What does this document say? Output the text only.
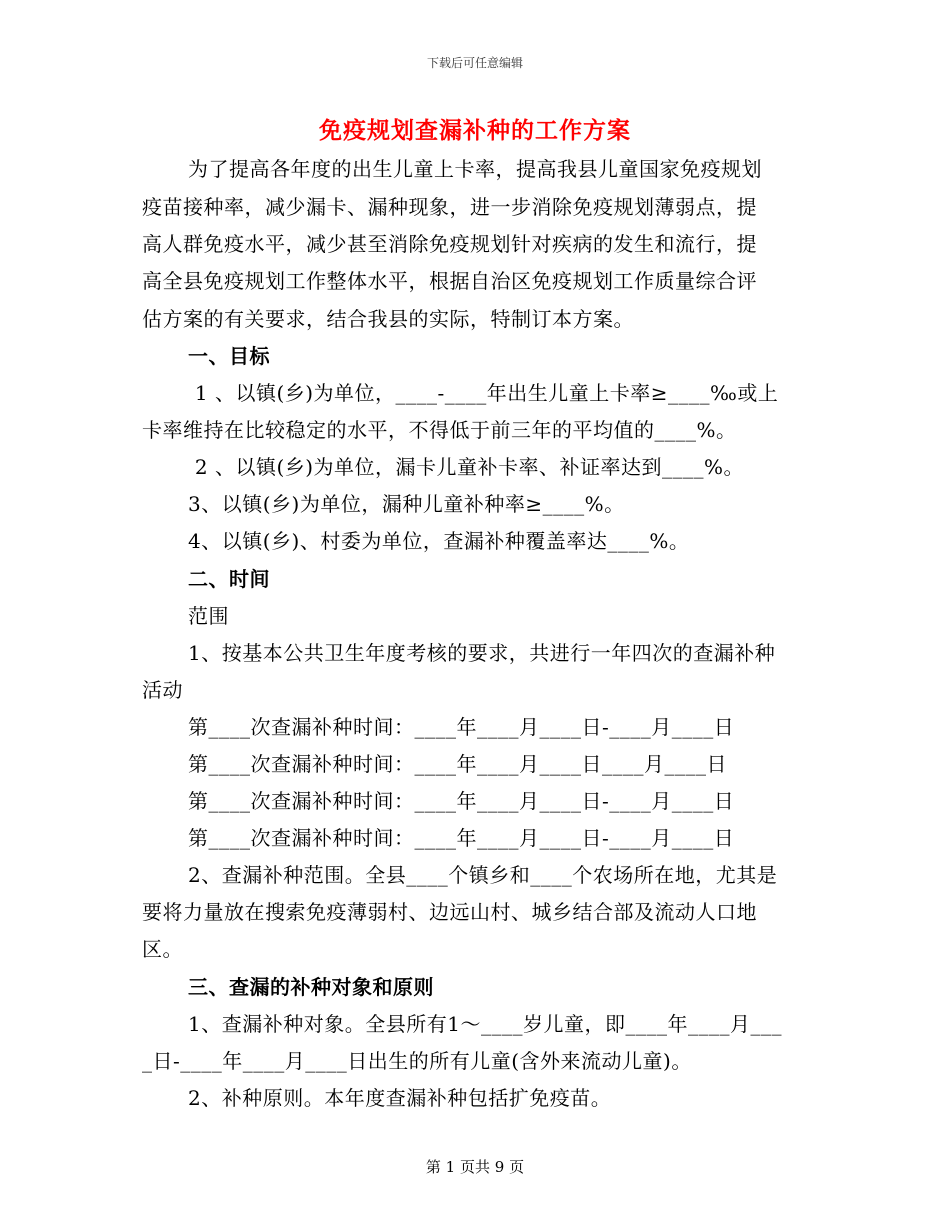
下载后可任意编辑
免疫规划查漏补种的工作方案
为了提高各年度的出生儿童上卡率，提高我县儿童国家免疫规划
疫苗接种率，减少漏卡、漏种现象，进一步消除免疫规划薄弱点，提
高人群免疫水平，减少甚至消除免疫规划针对疾病的发生和流行，提
高全县免疫规划工作整体水平，根据自治区免疫规划工作质量综合评
估方案的有关要求，结合我县的实际，特制订本方案。
一、目标
1 、以镇(乡)为单位，____-____年出生儿童上卡率≥____‰或上
卡率维持在比较稳定的水平，不得低于前三年的平均值的____%。
2 、以镇(乡)为单位，漏卡儿童补卡率、补证率达到____%。
3、以镇(乡)为单位，漏种儿童补种率≥____%。
4、以镇(乡)、村委为单位，查漏补种覆盖率达____%。
二、时间
范围
1、按基本公共卫生年度考核的要求，共进行一年四次的查漏补种
活动
第____次查漏补种时间：____年____月____日-____月____日
第____次查漏补种时间：____年____月____日____月____日
第____次查漏补种时间：____年____月____日-____月____日
第____次查漏补种时间：____年____月____日-____月____日
2、查漏补种范围。全县____个镇乡和____个农场所在地，尤其是
要将力量放在搜索免疫薄弱村、边远山村、城乡结合部及流动人口地
区。
三、查漏的补种对象和原则
1、查漏补种对象。全县所有1～____岁儿童，即____年____月___
_日-____年____月____日出生的所有儿童(含外来流动儿童)。
2、补种原则。本年度查漏补种包括扩免疫苗。
第 1 页共 9 页
